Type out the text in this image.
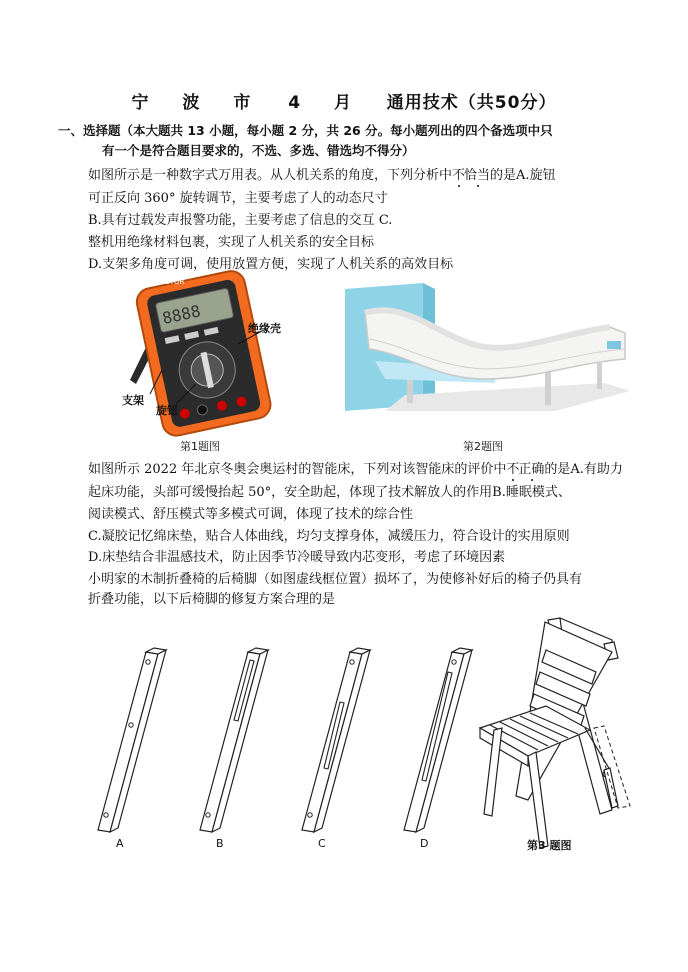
宁 波 市 4 月 通用技术（共50分）
一、选择题（本大题共 13 小题，每小题 2 分，共 26 分。每小题列出的四个备选项中只
有一个是符合题目要求的，不选、多选、错选均不得分）
如图所示是一种数字式万用表。从人机关系的角度，下列分析中不恰当的是A.旋钮
可正反向 360° 旋转调节，主要考虑了人的动态尺寸
B.具有过载发声报警功能，主要考虑了信息的交互 C.
整机用绝缘材料包裹，实现了人机关系的安全目标
D.支架多角度可调，使用放置方便，实现了人机关系的高效目标
8888
VICTOR
绝缘壳
支架
旋钮
第1题图	第2题图
如图所示 2022 年北京冬奥会奥运村的智能床，下列对该智能床的评价中不正确的是A.有助力
起床功能，头部可缓慢抬起 50°，安全助起，体现了技术解放人的作用B.睡眠模式、
阅读模式、舒压模式等多模式可调，体现了技术的综合性
C.凝胶记忆绵床垫，贴合人体曲线，均匀支撑身体，减缓压力，符合设计的实用原则
D.床垫结合非温感技术，防止因季节冷暖导致内芯变形，考虑了环境因素
小明家的木制折叠椅的后椅脚（如图虚线框位置）损坏了，为使修补好后的椅子仍具有
折叠功能，以下后椅脚的修复方案合理的是
A	B	C	D	第3 题图
